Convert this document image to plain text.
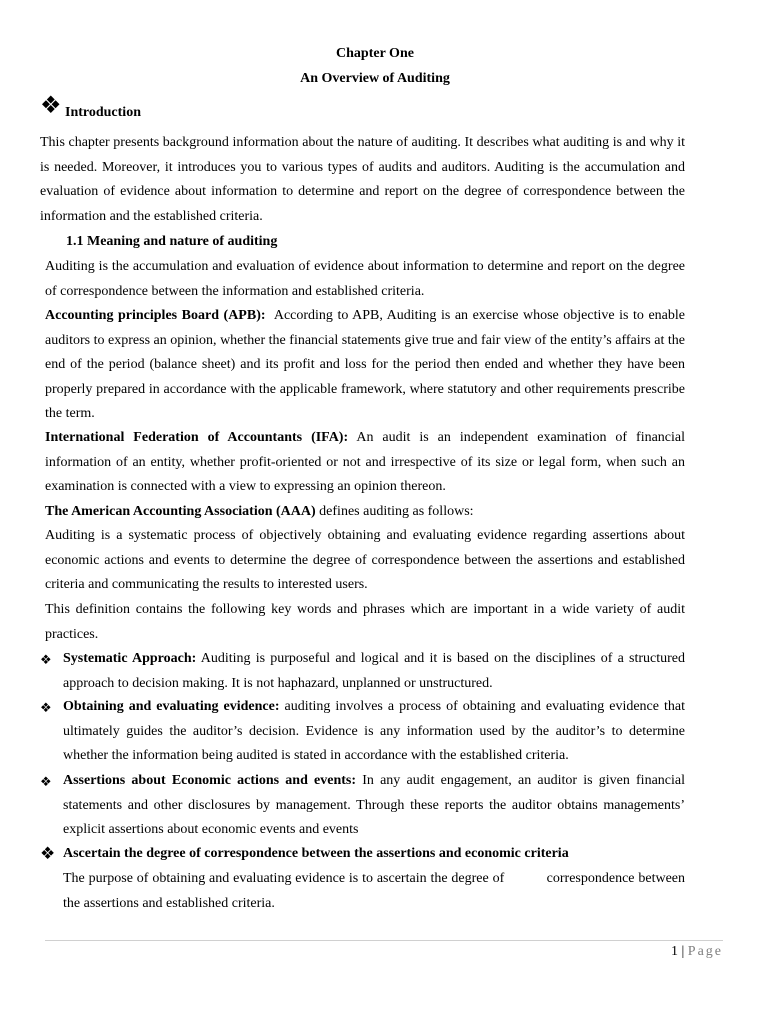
Chapter One
An Overview of Auditing
❖ Introduction
This chapter presents background information about the nature of auditing. It describes what auditing is and why it is needed. Moreover, it introduces you to various types of audits and auditors. Auditing is the accumulation and evaluation of evidence about information to determine and report on the degree of correspondence between the information and the established criteria.
1.1 Meaning and nature of auditing
Auditing is the accumulation and evaluation of evidence about information to determine and report on the degree of correspondence between the information and established criteria.
Accounting principles Board (APB): According to APB, Auditing is an exercise whose objective is to enable auditors to express an opinion, whether the financial statements give true and fair view of the entity’s affairs at the end of the period (balance sheet) and its profit and loss for the period then ended and whether they have been properly prepared in accordance with the applicable framework, where statutory and other requirements prescribe the term.
International Federation of Accountants (IFA): An audit is an independent examination of financial information of an entity, whether profit-oriented or not and irrespective of its size or legal form, when such an examination is connected with a view to expressing an opinion thereon.
The American Accounting Association (AAA) defines auditing as follows:
Auditing is a systematic process of objectively obtaining and evaluating evidence regarding assertions about economic actions and events to determine the degree of correspondence between the assertions and established criteria and communicating the results to interested users.
This definition contains the following key words and phrases which are important in a wide variety of audit practices.
❖ Systematic Approach: Auditing is purposeful and logical and it is based on the disciplines of a structured approach to decision making. It is not haphazard, unplanned or unstructured.
❖ Obtaining and evaluating evidence: auditing involves a process of obtaining and evaluating evidence that ultimately guides the auditor’s decision. Evidence is any information used by the auditor’s to determine whether the information being audited is stated in accordance with the established criteria.
❖ Assertions about Economic actions and events: In any audit engagement, an auditor is given financial statements and other disclosures by management. Through these reports the auditor obtains managements’ explicit assertions about economic events and events
❖ Ascertain the degree of correspondence between the assertions and economic criteria
The purpose of obtaining and evaluating evidence is to ascertain the degree of           correspondence between the assertions and established criteria.
1 | Page
